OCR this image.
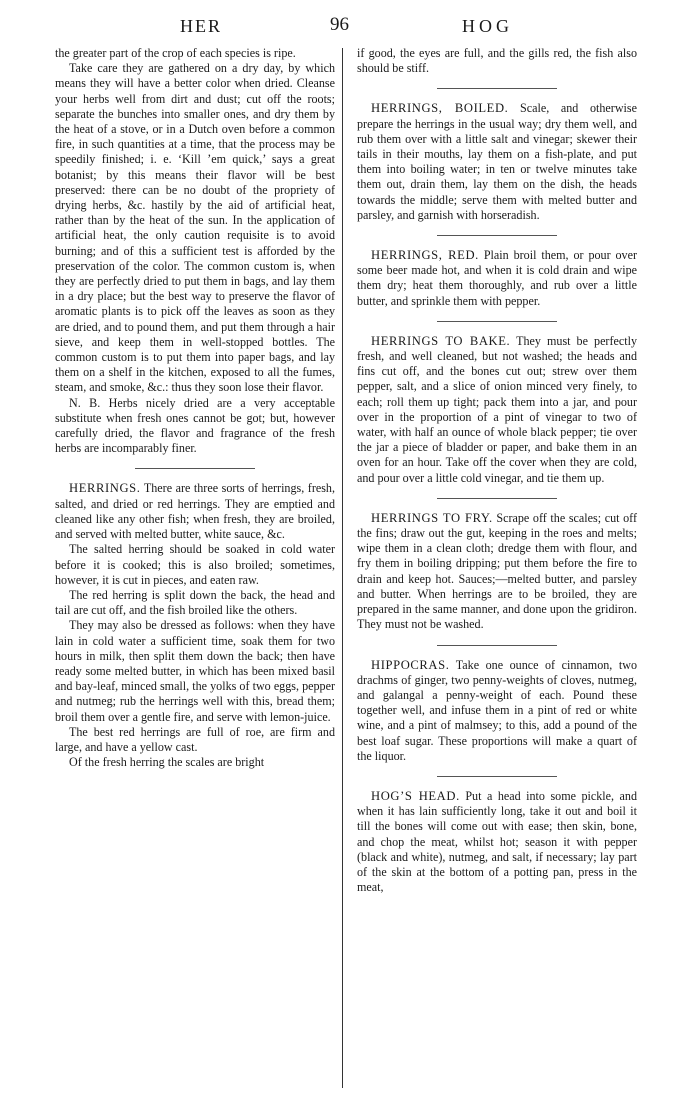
HER	96	HOG

the greater part of the crop of each species is ripe.

Take care they are gathered on a dry day, by which means they will have a better color when dried. Cleanse your herbs well from dirt and dust; cut off the roots; separate the bunches into smaller ones, and dry them by the heat of a stove, or in a Dutch oven before a common fire, in such quantities at a time, that the process may be speedily finished; i. e. ‘Kill ’em quick,’ says a great botanist; by this means their flavor will be best preserved: there can be no doubt of the propriety of drying herbs, &c. hastily by the aid of artificial heat, rather than by the heat of the sun. In the application of artificial heat, the only caution requisite is to avoid burning; and of this a sufficient test is afforded by the preservation of the color. The common custom is, when they are perfectly dried to put them in bags, and lay them in a dry place; but the best way to preserve the flavor of aromatic plants is to pick off the leaves as soon as they are dried, and to pound them, and put them through a hair sieve, and keep them in well-stopped bottles. The common custom is to put them into paper bags, and lay them on a shelf in the kitchen, exposed to all the fumes, steam, and smoke, &c.: thus they soon lose their flavor.

N. B. Herbs nicely dried are a very acceptable substitute when fresh ones cannot be got; but, however carefully dried, the flavor and fragrance of the fresh herbs are incomparably finer.

HERRINGS. There are three sorts of herrings, fresh, salted, and dried or red herrings. They are emptied and cleaned like any other fish; when fresh, they are broiled, and served with melted butter, white sauce, &c.

The salted herring should be soaked in cold water before it is cooked; this is also broiled; sometimes, however, it is cut in pieces, and eaten raw.

The red herring is split down the back, the head and tail are cut off, and the fish broiled like the others.

They may also be dressed as follows: when they have lain in cold water a sufficient time, soak them for two hours in milk, then split them down the back; then have ready some melted butter, in which has been mixed basil and bay-leaf, minced small, the yolks of two eggs, pepper and nutmeg; rub the herrings well with this, bread them; broil them over a gentle fire, and serve with lemon-juice.

The best red herrings are full of roe, are firm and large, and have a yellow cast.

Of the fresh herring the scales are bright

if good, the eyes are full, and the gills red, the fish also should be stiff.

HERRINGS, BOILED. Scale, and otherwise prepare the herrings in the usual way; dry them well, and rub them over with a little salt and vinegar; skewer their tails in their mouths, lay them on a fish-plate, and put them into boiling water; in ten or twelve minutes take them out, drain them, lay them on the dish, the heads towards the middle; serve them with melted butter and parsley, and garnish with horseradish.

HERRINGS, RED. Plain broil them, or pour over some beer made hot, and when it is cold drain and wipe them dry; heat them thoroughly, and rub over a little butter, and sprinkle them with pepper.

HERRINGS TO BAKE. They must be perfectly fresh, and well cleaned, but not washed; the heads and fins cut off, and the bones cut out; strew over them pepper, salt, and a slice of onion minced very finely, to each; roll them up tight; pack them into a jar, and pour over in the proportion of a pint of vinegar to two of water, with half an ounce of whole black pepper; tie over the jar a piece of bladder or paper, and bake them in an oven for an hour. Take off the cover when they are cold, and pour over a little cold vinegar, and tie them up.

HERRINGS TO FRY. Scrape off the scales; cut off the fins; draw out the gut, keeping in the roes and melts; wipe them in a clean cloth; dredge them with flour, and fry them in boiling dripping; put them before the fire to drain and keep hot. Sauces;—melted butter, and parsley and butter. When herrings are to be broiled, they are prepared in the same manner, and done upon the gridiron. They must not be washed.

HIPPOCRAS. Take one ounce of cinnamon, two drachms of ginger, two penny-weights of cloves, nutmeg, and galangal a penny-weight of each. Pound these together well, and infuse them in a pint of red or white wine, and a pint of malmsey; to this, add a pound of the best loaf sugar. These proportions will make a quart of the liquor.

HOG’S HEAD. Put a head into some pickle, and when it has lain sufficiently long, take it out and boil it till the bones will come out with ease; then skin, bone, and chop the meat, whilst hot; season it with pepper (black and white), nutmeg, and salt, if necessary; lay part of the skin at the bottom of a potting pan, press in the meat,
